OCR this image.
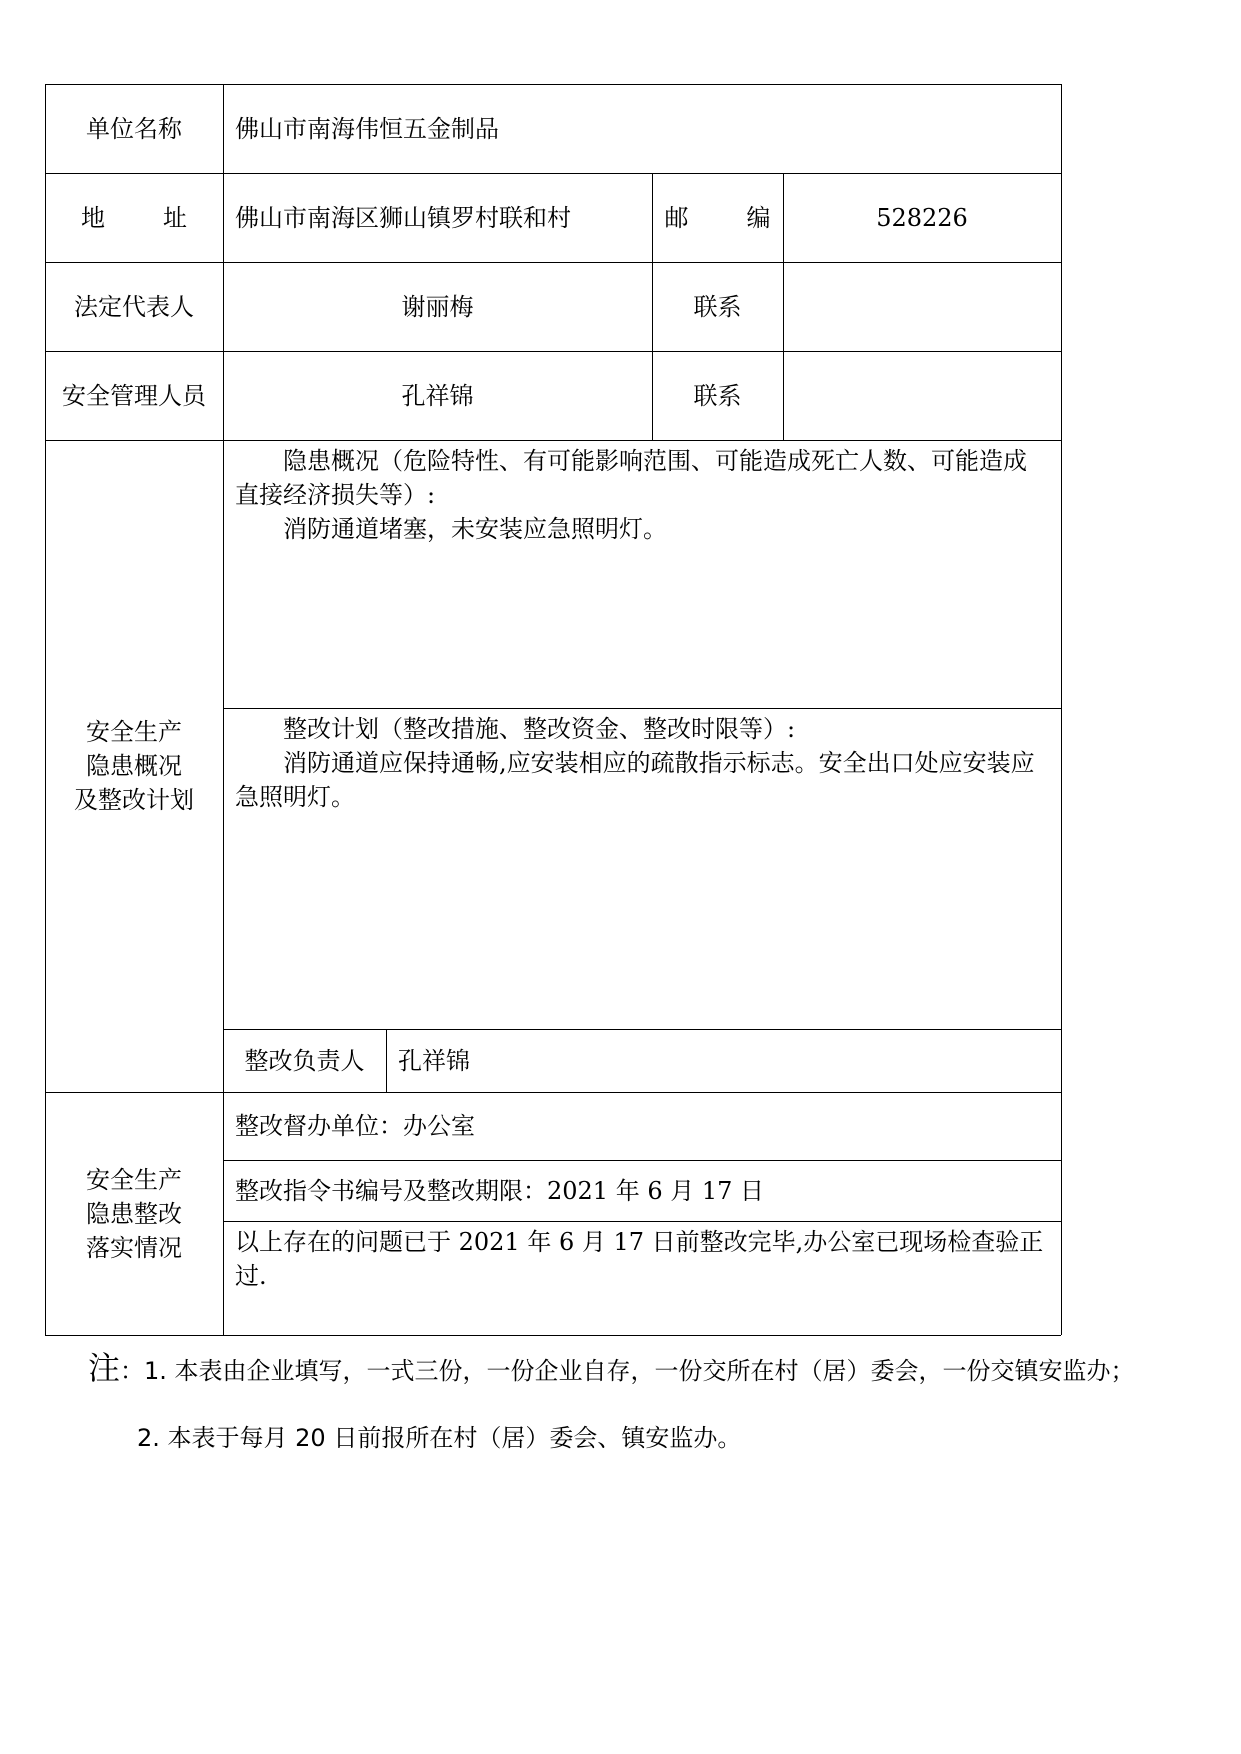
单位名称	佛山市南海伟恒五金制品
地 址	佛山市南海区狮山镇罗村联和村	邮 编	528226
法定代表人	谢丽梅	联系
安全管理人员	孔祥锦	联系
安全生产
隐患概况
及整改计划

隐患概况（危险特性、有可能影响范围、可能造成死亡人数、可能造成直接经济损失等）:

消防通道堵塞，未安装应急照明灯。

整改计划（整改措施、整改资金、整改时限等）:

消防通道应保持通畅,应安装相应的疏散指示标志。安全出口处应安装应急照明灯。

整改负责人	孔祥锦
安全生产
隐患整改
落实情况
整改督办单位：办公室
整改指令书编号及整改期限：2021 年 6 月 17 日
以上存在的问题已于 2021 年 6 月 17 日前整改完毕,办公室已现场检查验正过.
注：1. 本表由企业填写，一式三份，一份企业自存，一份交所在村（居）委会，一份交镇安监办；
2. 本表于每月 20 日前报所在村（居）委会、镇安监办。
